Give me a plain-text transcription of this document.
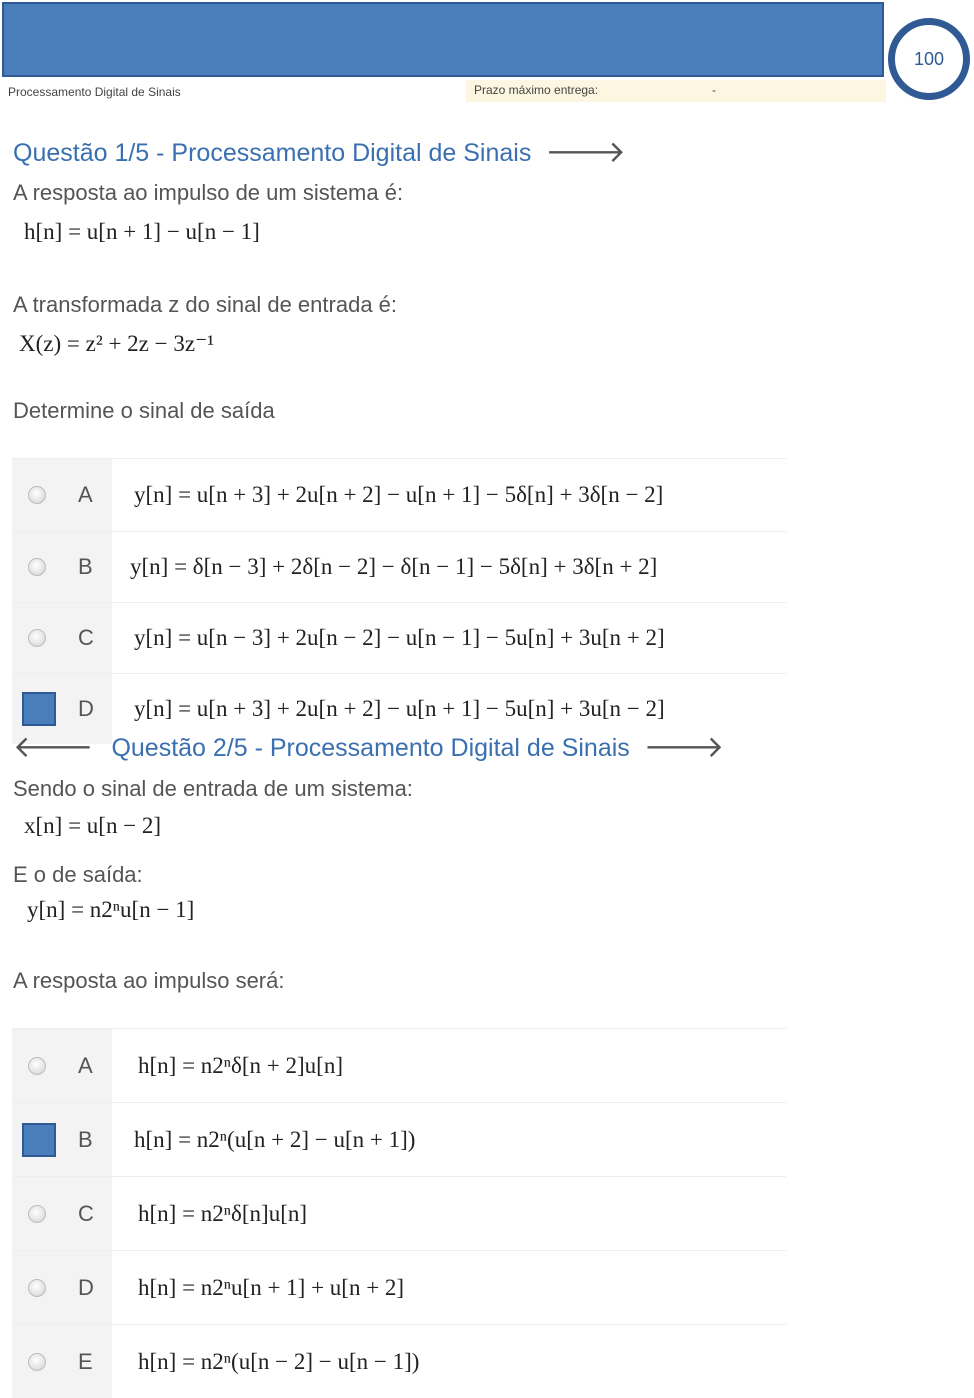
100
Processamento Digital de Sinais	Prazo máximo entrega:	-
Questão 1/5 - Processamento Digital de Sinais 🡒
A resposta ao impulso de um sistema é:
h[n] = u[n + 1] − u[n − 1]
A transformada z do sinal de entrada é:
X(z) = z² + 2z − 3z⁻¹
Determine o sinal de saída
A y[n] = u[n + 3] + 2u[n + 2] − u[n + 1] − 5δ[n] + 3δ[n − 2]
B y[n] = δ[n − 3] + 2δ[n − 2] − δ[n − 1] − 5δ[n] + 3δ[n + 2]
C y[n] = u[n − 3] + 2u[n − 2] − u[n − 1] − 5u[n] + 3u[n + 2]
D y[n] = u[n + 3] + 2u[n + 2] − u[n + 1] − 5u[n] + 3u[n − 2]
🡐 Questão 2/5 - Processamento Digital de Sinais 🡒
Sendo o sinal de entrada de um sistema:
x[n] = u[n − 2]
E o de saída:
y[n] = n2ⁿu[n − 1]
A resposta ao impulso será:
A h[n] = n2ⁿδ[n + 2]u[n]
B h[n] = n2ⁿ(u[n + 2] − u[n + 1])
C h[n] = n2ⁿδ[n]u[n]
D h[n] = n2ⁿu[n + 1] + u[n + 2]
E h[n] = n2ⁿ(u[n − 2] − u[n − 1])
